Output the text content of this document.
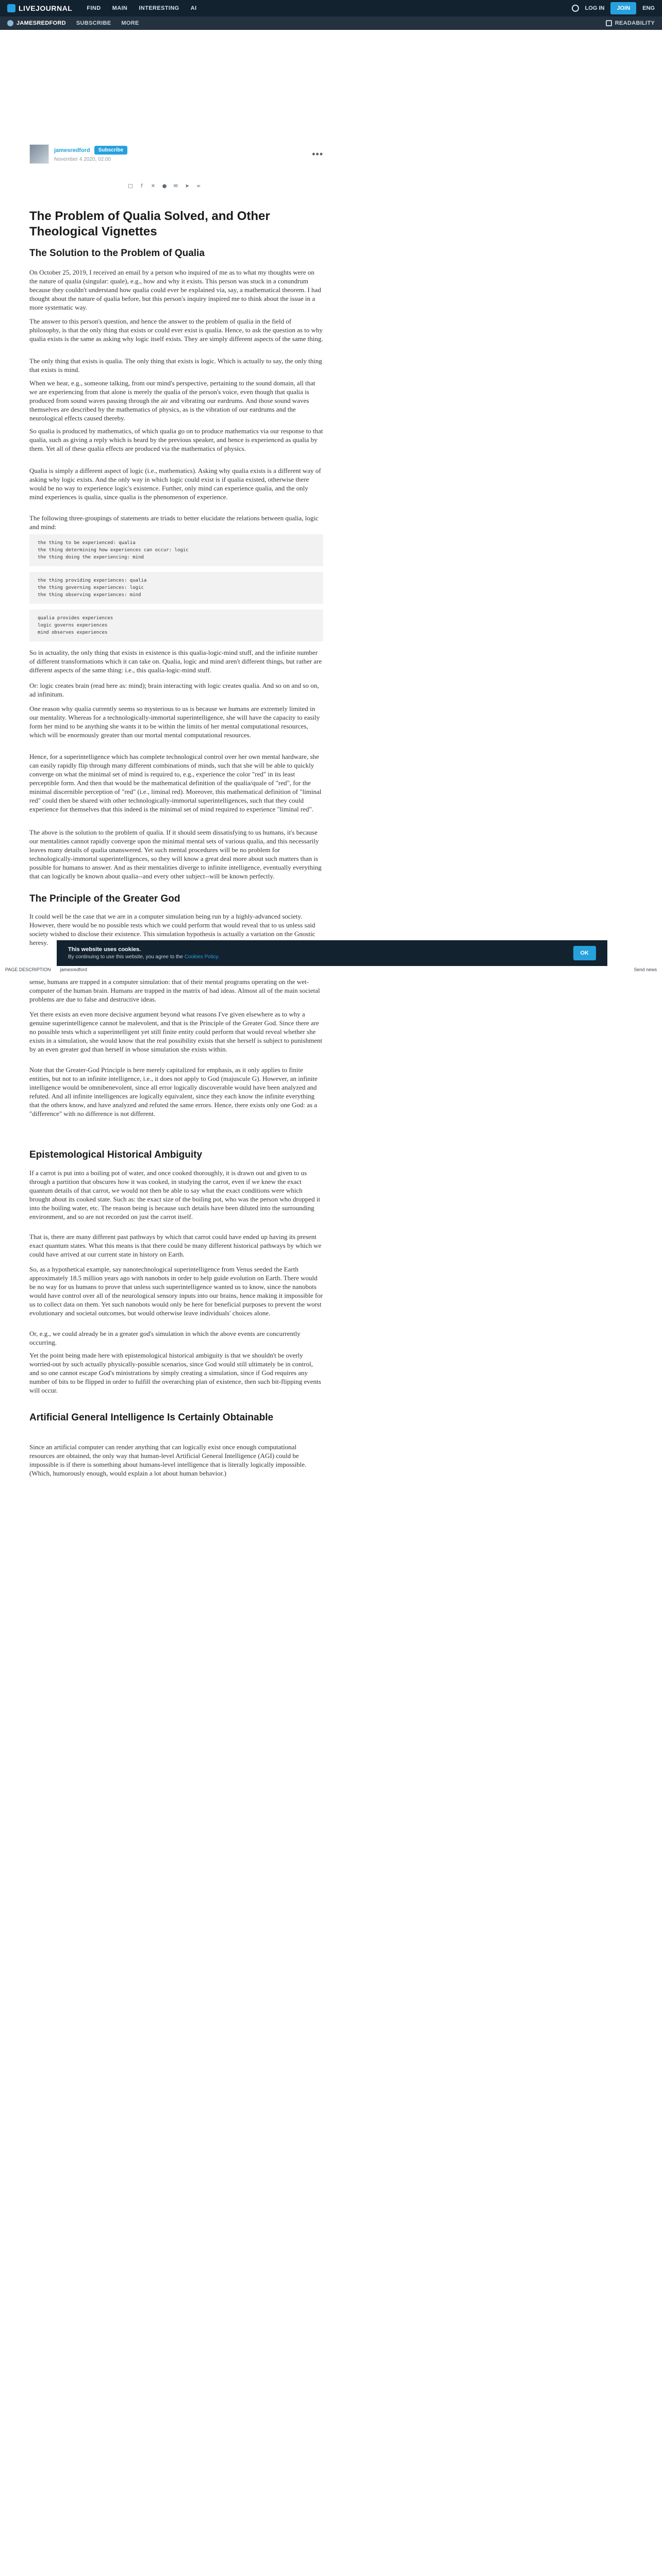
LIVEJOURNAL	FIND MAIN INTERESTING AI	LOG IN	JOIN	ENG
JAMESREDFORD SUBSCRIBE MORE	READABILITY
jamesredford	Subscribe
November 4 2020, 02:00
•••
□	f	✕ ● ✉ ➤ ∞
The Problem of Qualia Solved, and Other Theological Vignettes
The Solution to the Problem of Qualia

On October 25, 2019, I received an email by a person who inquired of me as to what my thoughts were on the nature of qualia (singular: quale), e.g., how and why it exists. This person was stuck in a conundrum because they couldn't understand how qualia could ever be explained via, say, a mathematical theorem. I had thought about the nature of qualia before, but this person's inquiry inspired me to think about the issue in a more systematic way.

The answer to this person's question, and hence the answer to the problem of qualia in the field of philosophy, is that the only thing that exists or could ever exist is qualia. Hence, to ask the question as to why qualia exists is the same as asking why logic itself exists. They are simply different aspects of the same thing.

The only thing that exists is qualia. The only thing that exists is logic. Which is actually to say, the only thing that exists is mind.

When we hear, e.g., someone talking, from our mind's perspective, pertaining to the sound domain, all that we are experiencing from that alone is merely the qualia of the person's voice, even though that qualia is produced from sound waves passing through the air and vibrating our eardrums. And those sound waves themselves are described by the mathematics of physics, as is the vibration of our eardrums and the neurological effects caused thereby.

So qualia is produced by mathematics, of which qualia go on to produce mathematics via our response to that qualia, such as giving a reply which is heard by the previous speaker, and hence is experienced as qualia by them. Yet all of these qualia effects are produced via the mathematics of physics.

Qualia is simply a different aspect of logic (i.e., mathematics). Asking why qualia exists is a different way of asking why logic exists. And the only way in which logic could exist is if qualia existed, otherwise there would be no way to experience logic's existence. Further, only mind can experience qualia, and the only mind experiences is qualia, since qualia is the phenomenon of experience.

The following three-groupings of statements are triads to better elucidate the relations between qualia, logic and mind:

the thing to be experienced: qualia
the thing determining how experiences can occur: logic
the thing doing the experiencing: mind
the thing providing experiences: qualia
the thing governing experiences: logic
the thing observing experiences: mind
qualia provides experiences
logic governs experiences
mind observes experiences

So in actuality, the only thing that exists in existence is this qualia-logic-mind stuff, and the infinite number of different transformations which it can take on. Qualia, logic and mind aren't different things, but rather are different aspects of the same thing: i.e., this qualia-logic-mind stuff.

Or: logic creates brain (read here as: mind); brain interacting with logic creates qualia. And so on and so on, ad infinitum.

One reason why qualia currently seems so mysterious to us is because we humans are extremely limited in our mentality. Whereas for a technologically-immortal superintelligence, she will have the capacity to easily form her mind to be anything she wants it to be within the limits of her mental computational resources, which will be enormously greater than our mortal mental computational resources.

Hence, for a superintelligence which has complete technological control over her own mental hardware, she can easily rapidly flip through many different combinations of minds, such that she will be able to quickly converge on what the minimal set of mind is required to, e.g., experience the color "red" in its least perceptible form. And then that would be the mathematical definition of the qualia/quale of "red", for the minimal discernible perception of "red" (i.e., liminal red). Moreover, this mathematical definition of "liminal red" could then be shared with other technologically-immortal superintelligences, such that they could experience for themselves that this indeed is the minimal set of mind required to experience "liminal red".

The above is the solution to the problem of qualia. If it should seem dissatisfying to us humans, it's because our mentalities cannot rapidly converge upon the minimal mental sets of various qualia, and this necessarily leaves many details of qualia unanswered. Yet such mental procedures will be no problem for technologically-immortal superintelligences, so they will know a great deal more about such matters than is possible for humans to answer. And as their mentalities diverge to infinite intelligence, eventually everything that can logically be known about qualia--and every other subject--will be known perfectly.

The Principle of the Greater God

It could well be the case that we are in a computer simulation being run by a highly-advanced society. However, there would be no possible tests which we could perform that would reveal that to us unless said society wished to disclose their existence. This simulation hypothesis is actually a variation on the Gnostic heresy.

sense, humans are trapped in a computer simulation: that of their mental programs operating on the wet-computer of the human brain. Humans are trapped in the matrix of bad ideas. Almost all of the main societal problems are due to false and destructive ideas.

Yet there exists an even more decisive argument beyond what reasons I've given elsewhere as to why a genuine superintelligence cannot be malevolent, and that is the Principle of the Greater God. Since there are no possible tests which a superintelligent yet still finite entity could perform that would reveal whether she exists in a simulation, she would know that the real possibility exists that she herself is subject to punishment by an even greater god than herself in whose simulation she exists within.

Note that the Greater-God Principle is here merely capitalized for emphasis, as it only applies to finite entities, but not to an infinite intelligence, i.e., it does not apply to God (majuscule G). However, an infinite intelligence would be omnibenevolent, since all error logically discoverable would have been analyzed and refuted. And all infinite intelligences are logically equivalent, since they each know the infinite everything that the others know, and have analyzed and refuted the same errors. Hence, there exists only one God: as a "difference" with no difference is not different.

Epistemological Historical Ambiguity

If a carrot is put into a boiling pot of water, and once cooked thoroughly, it is drawn out and given to us through a partition that obscures how it was cooked, in studying the carrot, even if we knew the exact quantum details of that carrot, we would not then be able to say what the exact conditions were which brought about its cooked state. Such as: the exact size of the boiling pot, who was the person who dropped it into the boiling water, etc. The reason being is because such details have been diluted into the surrounding environment, and so are not recorded on just the carrot itself.

That is, there are many different past pathways by which that carrot could have ended up having its present exact quantum states. What this means is that there could be many different historical pathways by which we could have arrived at our current state in history on Earth.

So, as a hypothetical example, say nanotechnological superintelligence from Venus seeded the Earth approximately 18.5 million years ago with nanobots in order to help guide evolution on Earth. There would be no way for us humans to prove that unless such superintelligence wanted us to know, since the nanobots would have control over all of the neurological sensory inputs into our brains, hence making it impossible for us to collect data on them. Yet such nanobots would only be here for beneficial purposes to prevent the worst evolutionary and societal outcomes, but would otherwise leave individuals' choices alone.

Or, e.g., we could already be in a greater god's simulation in which the above events are concurrently occurring.

Yet the point being made here with epistemological historical ambiguity is that we shouldn't be overly worried-out by such actually physically-possible scenarios, since God would still ultimately be in control, and so one cannot escape God's ministrations by simply creating a simulation, since if God requires any number of bits to be flipped in order to fulfill the overarching plan of existence, then such bit-flipping events will occur.

Artificial General Intelligence Is Certainly Obtainable

Since an artificial computer can render anything that can logically exist once enough computational resources are obtained, the only way that human-level Artificial General Intelligence (AGI) could be impossible is if there is something about humans-level intelligence that is literally logically impossible. (Which, humorously enough, would explain a lot about human behavior.)

This website uses cookies.
By continuing to use this website, you agree to the Cookies Policy.
OK
PAGE DESCRIPTION jamesredford	Send news
